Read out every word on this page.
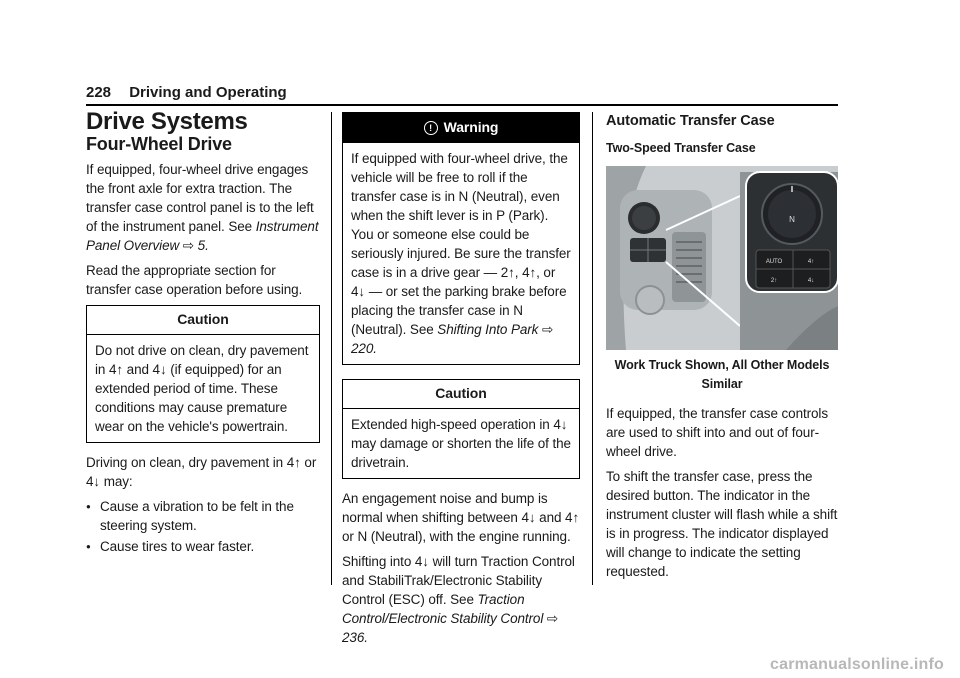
228 Driving and Operating
Drive Systems
Four-Wheel Drive

If equipped, four-wheel drive engages the front axle for extra traction. The transfer case control panel is to the left of the instrument panel. See Instrument Panel Overview ⇨ 5.

Read the appropriate section for transfer case operation before using.

Caution
Do not drive on clean, dry pavement in 4↑ and 4↓ (if equipped) for an extended period of time. These conditions may cause premature wear on the vehicle's powertrain.

Driving on clean, dry pavement in 4↑ or 4↓ may:

● Cause a vibration to be felt in the steering system.
● Cause tires to wear faster.
! Warning
If equipped with four-wheel drive, the vehicle will be free to roll if the transfer case is in N (Neutral), even when the shift lever is in P (Park). You or someone else could be seriously injured. Be sure the transfer case is in a drive gear — 2↑, 4↑, or 4↓ — or set the parking brake before placing the transfer case in N (Neutral). See Shifting Into Park ⇨ 220.
Caution
Extended high-speed operation in 4↓ may damage or shorten the life of the drivetrain.

An engagement noise and bump is normal when shifting between 4↓ and 4↑ or N (Neutral), with the engine running.

Shifting into 4↓ will turn Traction Control and StabiliTrak/Electronic Stability Control (ESC) off. See Traction Control/Electronic Stability Control ⇨ 236.

Automatic Transfer Case
Two-Speed Transfer Case
N
AUTO	4↑
2↑	4↓
Work Truck Shown, All Other Models Similar

If equipped, the transfer case controls are used to shift into and out of four-wheel drive.

To shift the transfer case, press the desired button. The indicator in the instrument cluster will flash while a shift is in progress. The indicator displayed will change to indicate the setting requested.

carmanualsonline.info
